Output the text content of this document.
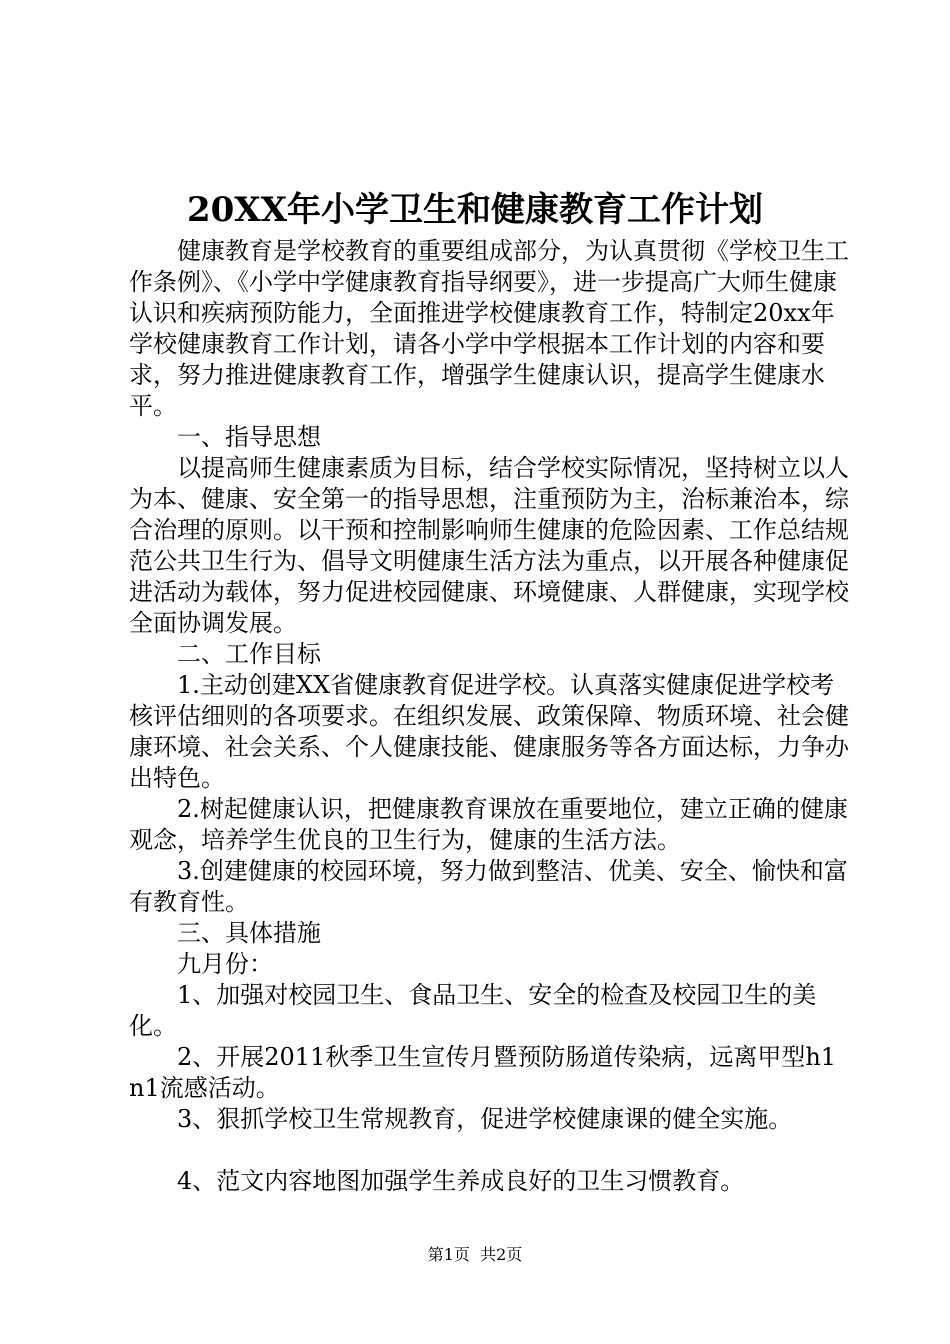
20XX年小学卫生和健康教育工作计划

健康教育是学校教育的重要组成部分，为认真贯彻《学校卫生工作条例》、《小学中学健康教育指导纲要》，进一步提高广大师生健康认识和疾病预防能力，全面推进学校健康教育工作，特制定20xx年学校健康教育工作计划，请各小学中学根据本工作计划的内容和要求，努力推进健康教育工作，增强学生健康认识，提高学生健康水平。

一、指导思想

以提高师生健康素质为目标，结合学校实际情况，坚持树立以人为本、健康、安全第一的指导思想，注重预防为主，治标兼治本，综合治理的原则。以干预和控制影响师生健康的危险因素、工作总结规范公共卫生行为、倡导文明健康生活方法为重点，以开展各种健康促进活动为载体，努力促进校园健康、环境健康、人群健康，实现学校全面协调发展。

二、工作目标

1.主动创建XX省健康教育促进学校。认真落实健康促进学校考核评估细则的各项要求。在组织发展、政策保障、物质环境、社会健康环境、社会关系、个人健康技能、健康服务等各方面达标，力争办出特色。

2.树起健康认识，把健康教育课放在重要地位，建立正确的健康观念，培养学生优良的卫生行为，健康的生活方法。

3.创建健康的校园环境，努力做到整洁、优美、安全、愉快和富有教育性。

三、具体措施

九月份：

1、加强对校园卫生、食品卫生、安全的检查及校园卫生的美化。

2、开展2011秋季卫生宣传月暨预防肠道传染病，远离甲型h1n1流感活动。

3、狠抓学校卫生常规教育，促进学校健康课的健全实施。

4、范文内容地图加强学生养成良好的卫生习惯教育。

第1页  共2页
